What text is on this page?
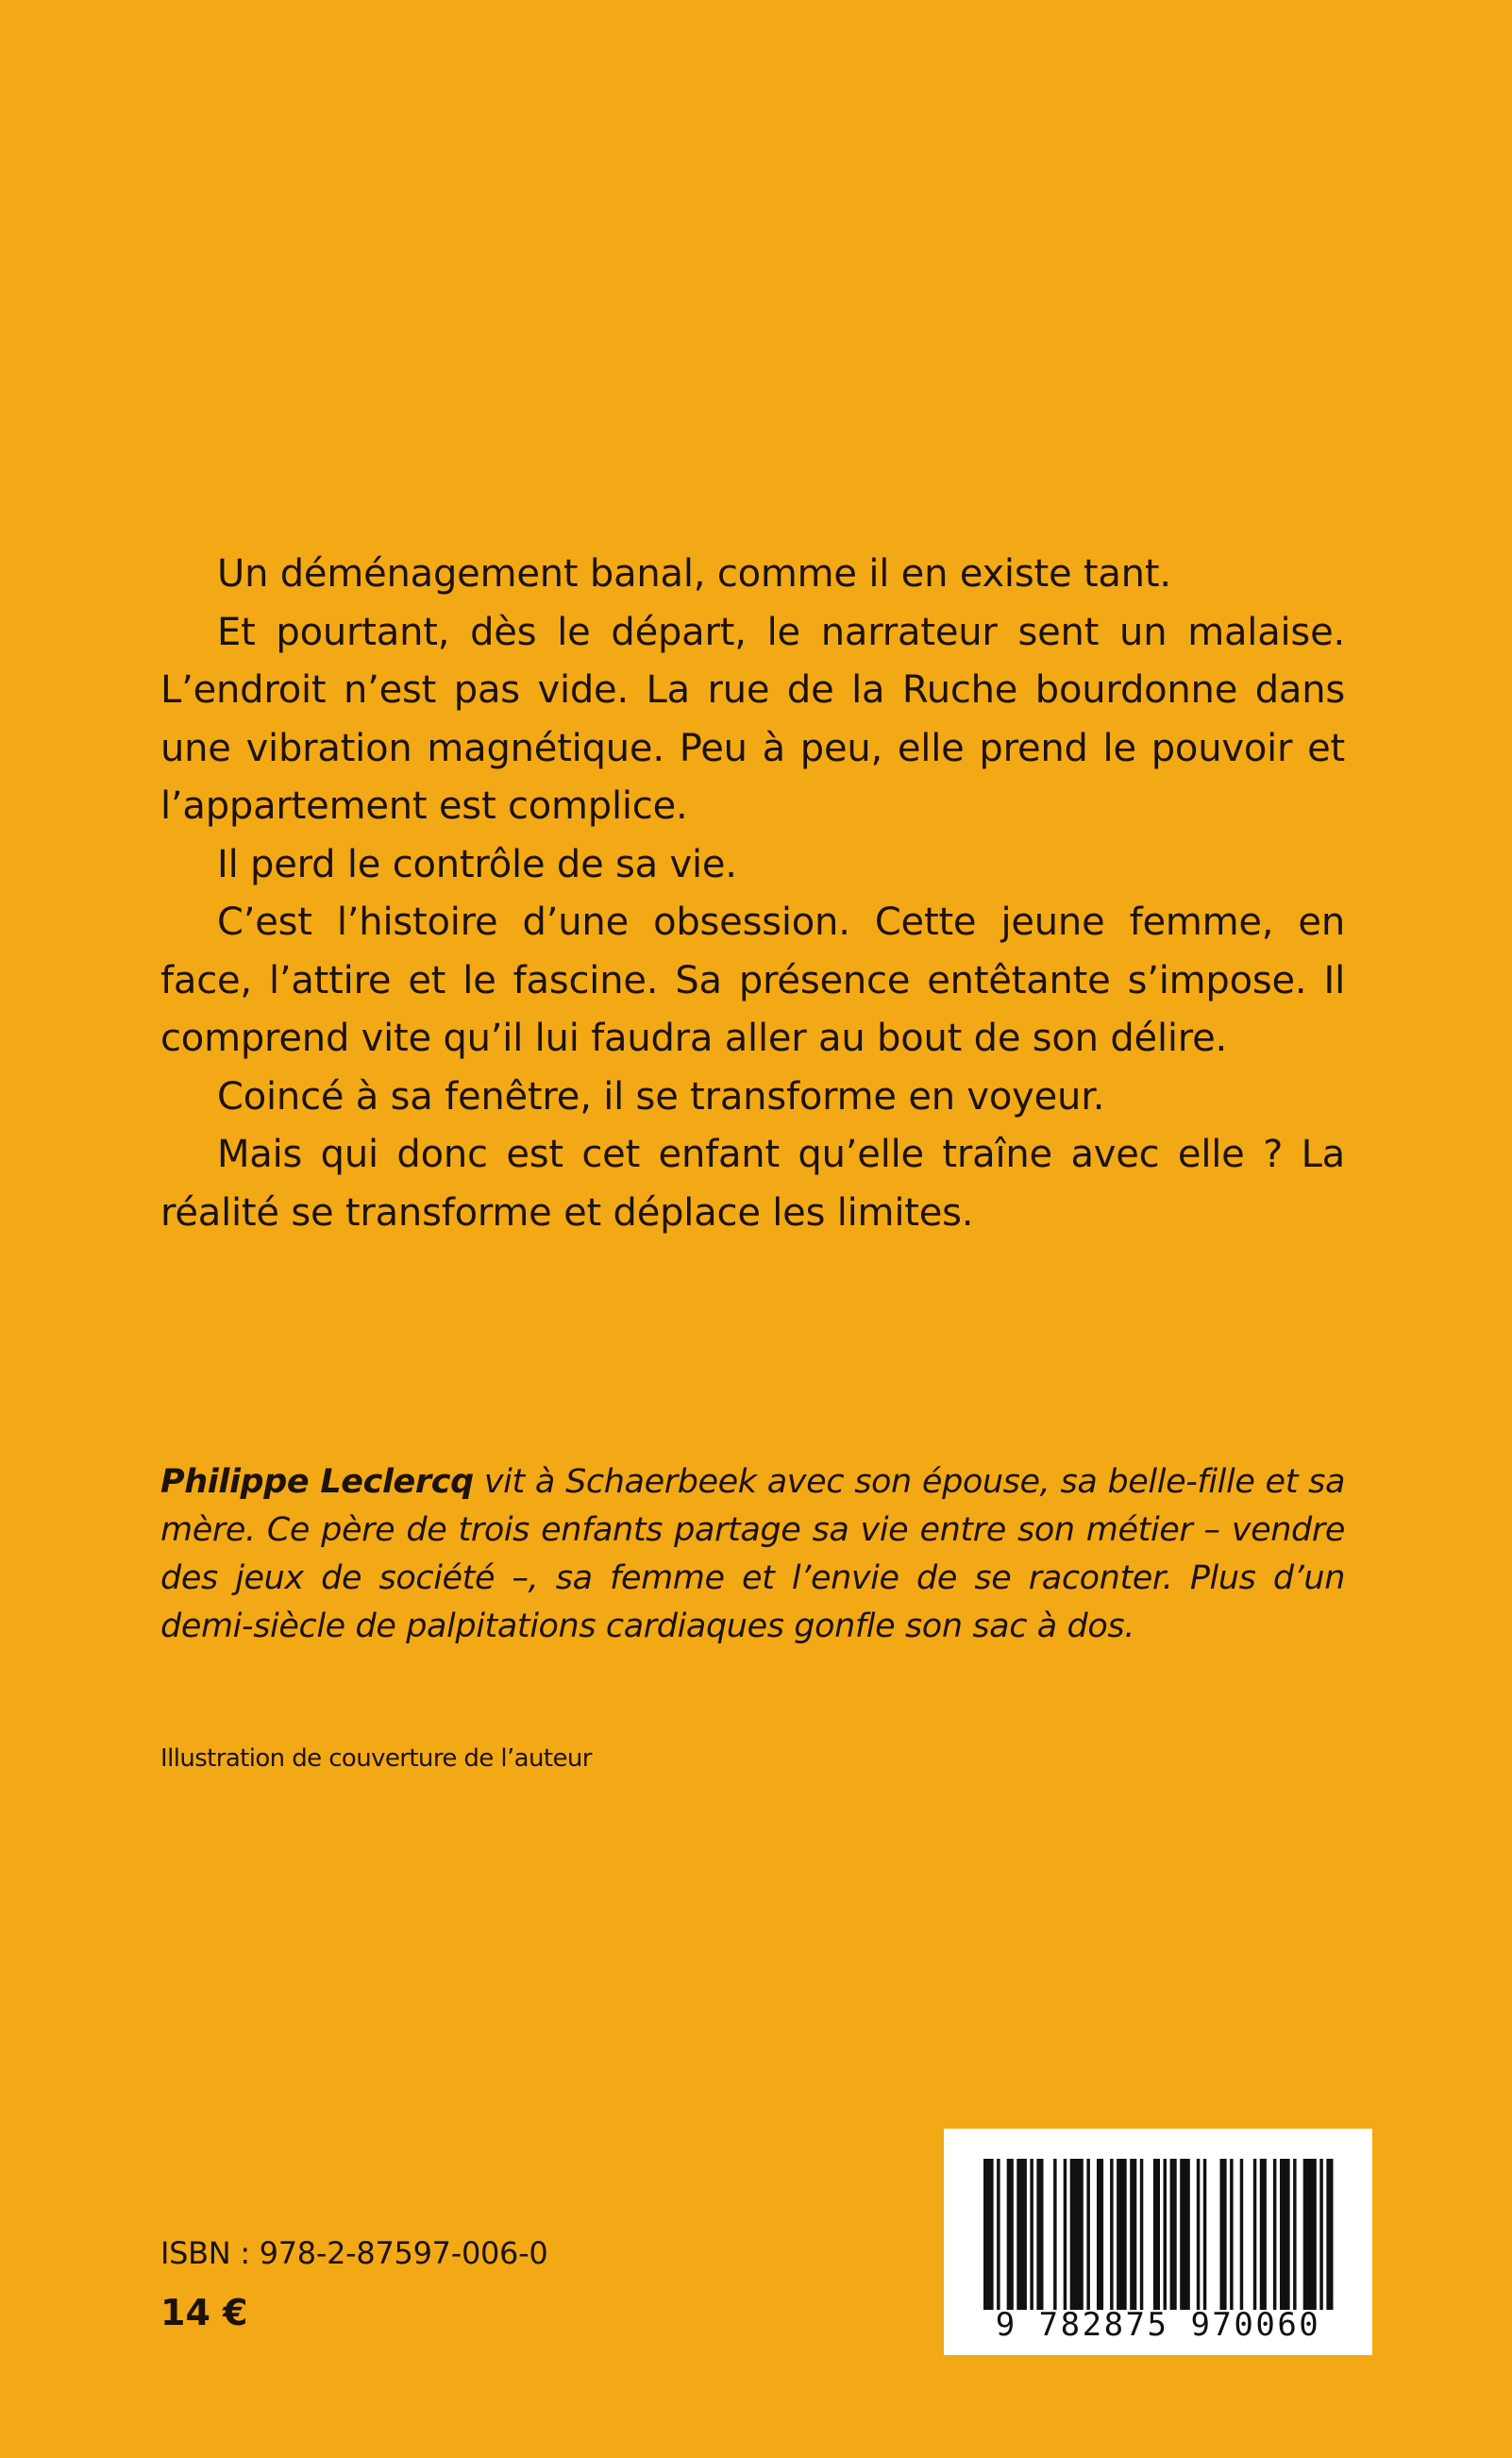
Un déménagement banal, comme il en existe tant.

Et pourtant, dès le départ, le narrateur sent un malaise. L’endroit n’est pas vide. La rue de la Ruche bourdonne dans une vibration magnétique. Peu à peu, elle prend le pouvoir et l’appartement est complice.

Il perd le contrôle de sa vie.

C’est l’histoire d’une obsession. Cette jeune femme, en face, l’attire et le fascine. Sa présence entêtante s’impose. Il comprend vite qu’il lui faudra aller au bout de son délire.

Coincé à sa fenêtre, il se transforme en voyeur.

Mais qui donc est cet enfant qu’elle traîne avec elle ? La réalité se transforme et déplace les limites.

Philippe Leclercq vit à Schaerbeek avec son épouse, sa belle-fille et sa mère. Ce père de trois enfants partage sa vie entre son métier – vendre des jeux de société –, sa femme et l’envie de se raconter. Plus d’un demi-siècle de palpitations cardiaques gonfle son sac à dos.
Illustration de couverture de l’auteur
ISBN : 978-2-87597-006-0
14 €	9 782875 970060
